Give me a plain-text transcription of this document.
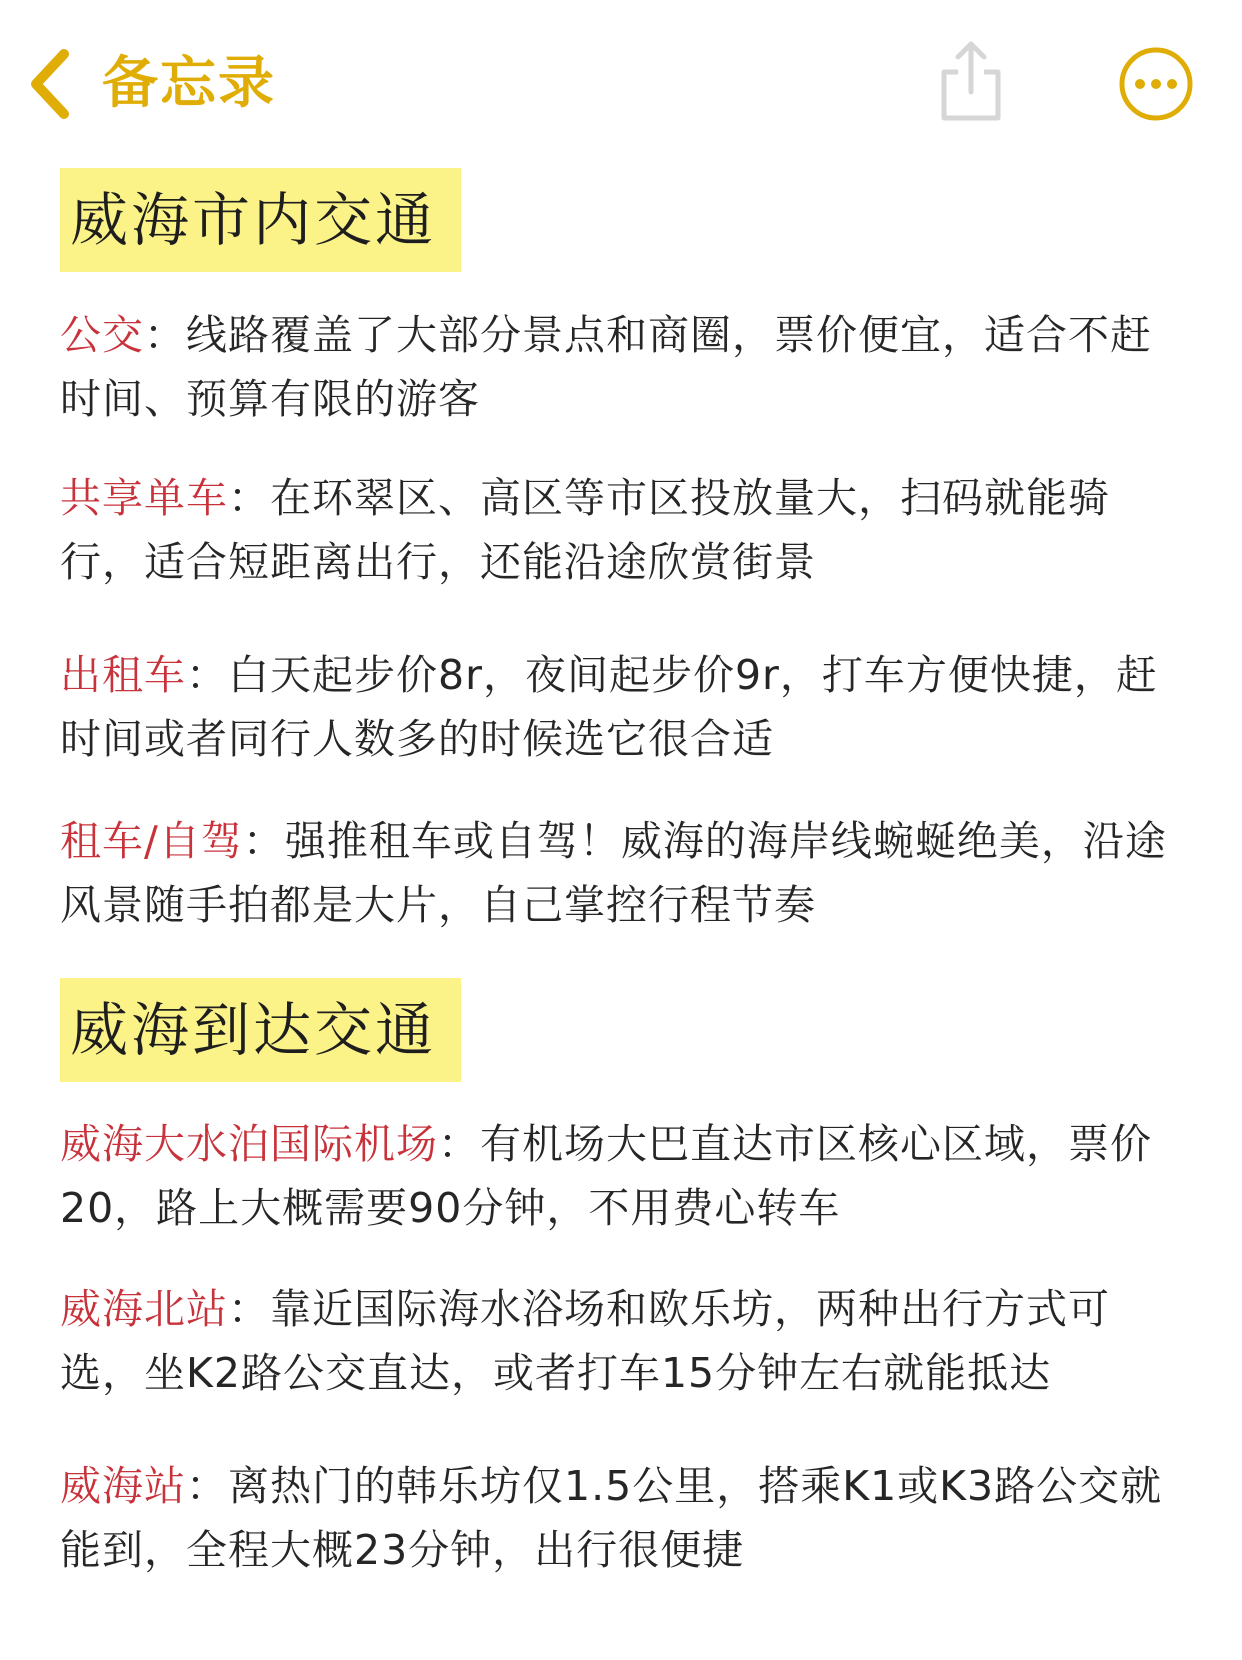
备忘录
威海市内交通
公交：线路覆盖了大部分景点和商圈，票价便宜，适合不赶时间、预算有限的游客
共享单车：在环翠区、高区等市区投放量大，扫码就能骑行，适合短距离出行，还能沿途欣赏街景
出租车：白天起步价8r，夜间起步价9r，打车方便快捷，赶时间或者同行人数多的时候选它很合适
租车/自驾：强推租车或自驾！威海的海岸线蜿蜒绝美，沿途风景随手拍都是大片，自己掌控行程节奏
威海到达交通
威海大水泊国际机场：有机场大巴直达市区核心区域，票价20，路上大概需要90分钟，不用费心转车
威海北站：靠近国际海水浴场和欧乐坊，两种出行方式可选，坐K2路公交直达，或者打车15分钟左右就能抵达
威海站：离热门的韩乐坊仅1.5公里，搭乘K1或K3路公交就能到，全程大概23分钟，出行很便捷
